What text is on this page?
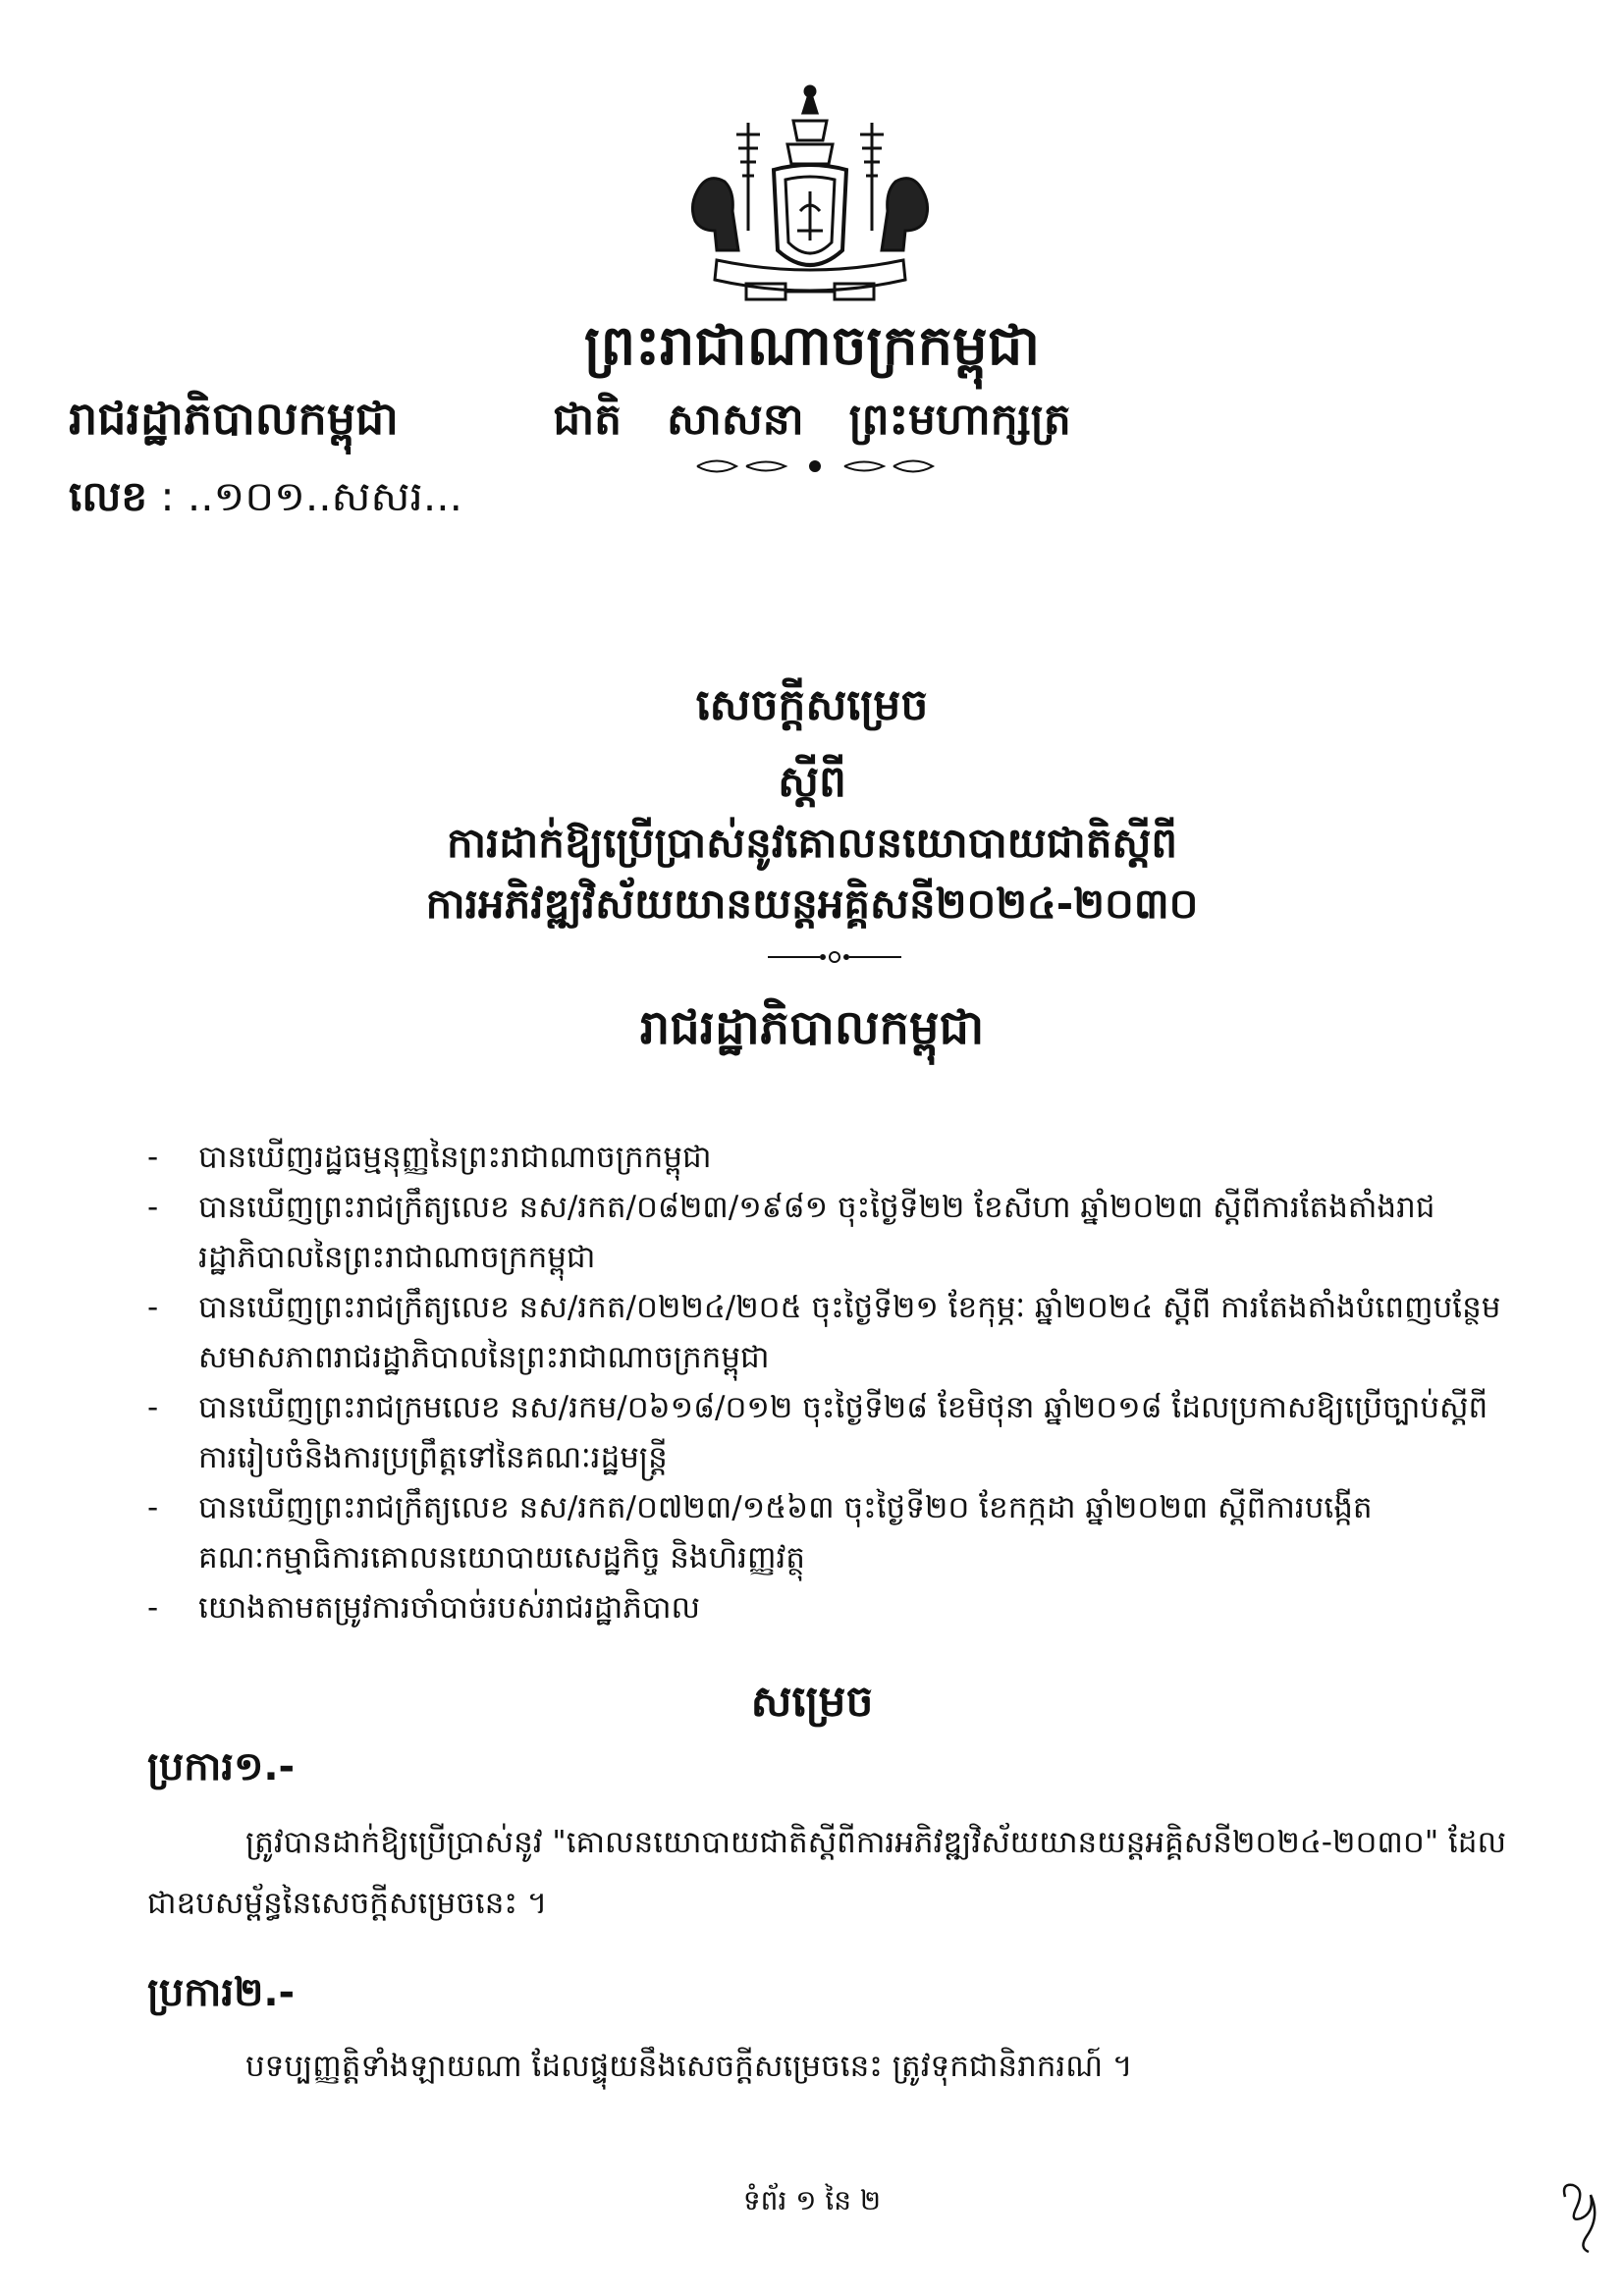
ព្រះរាជាណាចក្រកម្ពុជា
ជាតិ   សាសនា   ព្រះមហាក្សត្រ
រាជរដ្ឋាភិបាលកម្ពុជា
លេខ : ..១០១..សសរ...
សេចក្តីសម្រេច
ស្តីពី
ការដាក់ឱ្យប្រើប្រាស់នូវគោលនយោបាយជាតិស្តីពី
ការអភិវឌ្ឍវិស័យយានយន្តអគ្គិសនី២០២៤-២០៣០
រាជរដ្ឋាភិបាលកម្ពុជា
- បានឃើញរដ្ឋធម្មនុញ្ញនៃព្រះរាជាណាចក្រកម្ពុជា
- បានឃើញព្រះរាជក្រឹត្យលេខ នស/រកត/០៨២៣/១៩៨១ ចុះថ្ងៃទី២២ ខែសីហា ឆ្នាំ២០២៣ ស្តីពីការតែងតាំងរាជរដ្ឋាភិបាលនៃព្រះរាជាណាចក្រកម្ពុជា
- បានឃើញព្រះរាជក្រឹត្យលេខ នស/រកត/០២២៤/២០៥ ចុះថ្ងៃទី២១ ខែកុម្ភៈ ឆ្នាំ២០២៤ ស្តីពី ការតែងតាំងបំពេញបន្ថែមសមាសភាពរាជរដ្ឋាភិបាលនៃព្រះរាជាណាចក្រកម្ពុជា
- បានឃើញព្រះរាជក្រមលេខ នស/រកម/០៦១៨/០១២ ចុះថ្ងៃទី២៨ ខែមិថុនា ឆ្នាំ២០១៨ ដែលប្រកាសឱ្យប្រើច្បាប់ស្តីពីការរៀបចំនិងការប្រព្រឹត្តទៅនៃគណៈរដ្ឋមន្ត្រី
- បានឃើញព្រះរាជក្រឹត្យលេខ នស/រកត/០៧២៣/១៥៦៣ ចុះថ្ងៃទី២០ ខែកក្កដា ឆ្នាំ២០២៣ ស្តីពីការបង្កើតគណៈកម្មាធិការគោលនយោបាយសេដ្ឋកិច្ច និងហិរញ្ញវត្ថុ
- យោងតាមតម្រូវការចាំបាច់របស់រាជរដ្ឋាភិបាល
សម្រេច
ប្រការ១.-
ត្រូវបានដាក់ឱ្យប្រើប្រាស់នូវ "គោលនយោបាយជាតិស្តីពីការអភិវឌ្ឍវិស័យយានយន្តអគ្គិសនី២០២៤-២០៣០" ដែលជាឧបសម្ព័ន្ធនៃសេចក្តីសម្រេចនេះ ។
ប្រការ២.-
បទប្បញ្ញត្តិទាំងឡាយណា ដែលផ្ទុយនឹងសេចក្តីសម្រេចនេះ ត្រូវទុកជានិរាករណ៍ ។
ទំព័រ ១ នៃ ២
